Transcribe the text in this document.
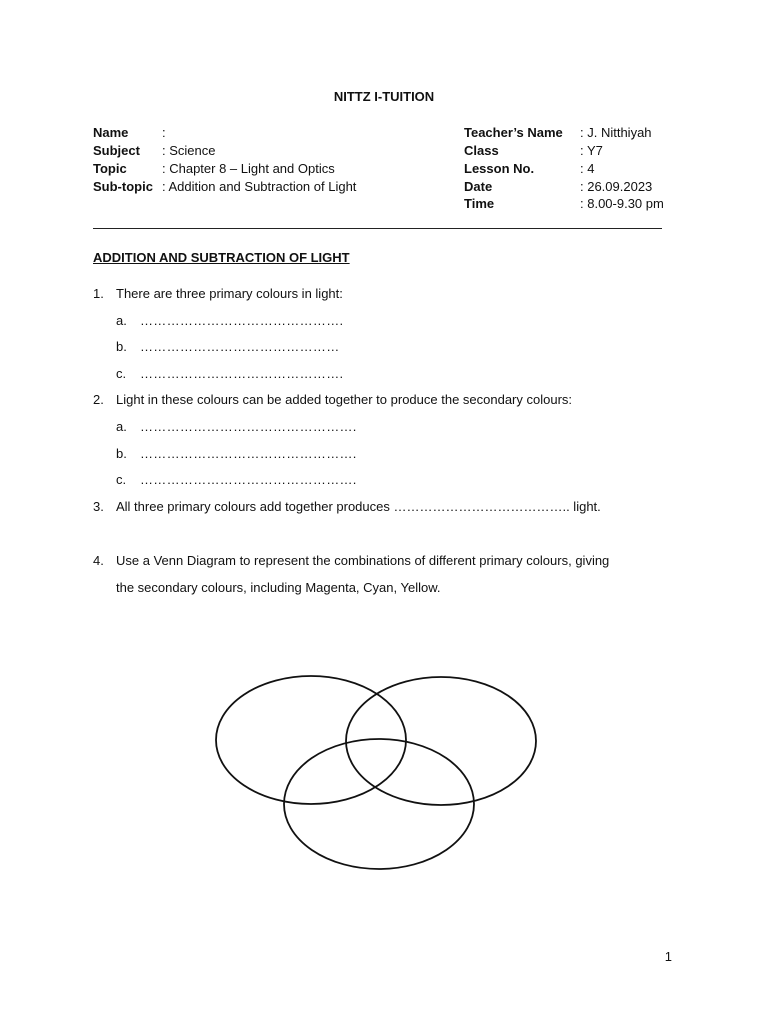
NITTZ I-TUITION
Name	:
Subject : Science
Topic	: Chapter 8 – Light and Optics
Sub-topic : Addition and Subtraction of Light
Teacher’s Name : J. Nitthiyah
Class	: Y7
Lesson No.	: 4
Date	: 26.09.2023
Time	: 8.00-9.30 pm
ADDITION AND SUBTRACTION OF LIGHT
1. There are three primary colours in light:
a. ……………………………………….
b. ………………………………………
c. ……………………………………….
2. Light in these colours can be added together to produce the secondary colours:
a. ………………………………………….
b. ………………………………………….
c. ………………………………………….
3. All three primary colours add together produces ………………………………….. light.
4. Use a Venn Diagram to represent the combinations of different primary colours, giving
the secondary colours, including Magenta, Cyan, Yellow.
1
